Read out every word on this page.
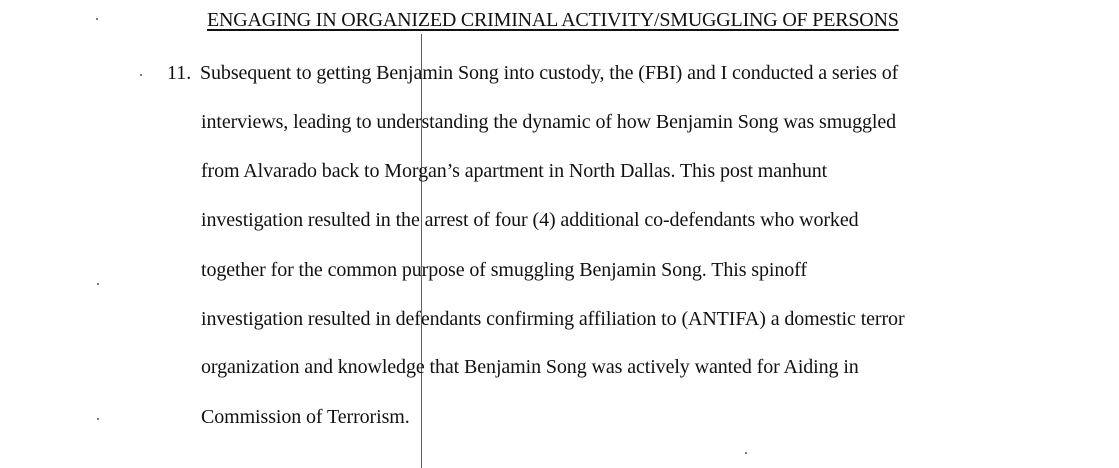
ENGAGING IN ORGANIZED CRIMINAL ACTIVITY/SMUGGLING OF PERSONS
11. Subsequent to getting Benjamin Song into custody, the (FBI) and I conducted a series of
interviews, leading to understanding the dynamic of how Benjamin Song was smuggled
from Alvarado back to Morgan’s apartment in North Dallas. This post manhunt
investigation resulted in the arrest of four (4) additional co-defendants who worked
together for the common purpose of smuggling Benjamin Song. This spinoff
investigation resulted in defendants confirming affiliation to (ANTIFA) a domestic terror
organization and knowledge that Benjamin Song was actively wanted for Aiding in
Commission of Terrorism.
